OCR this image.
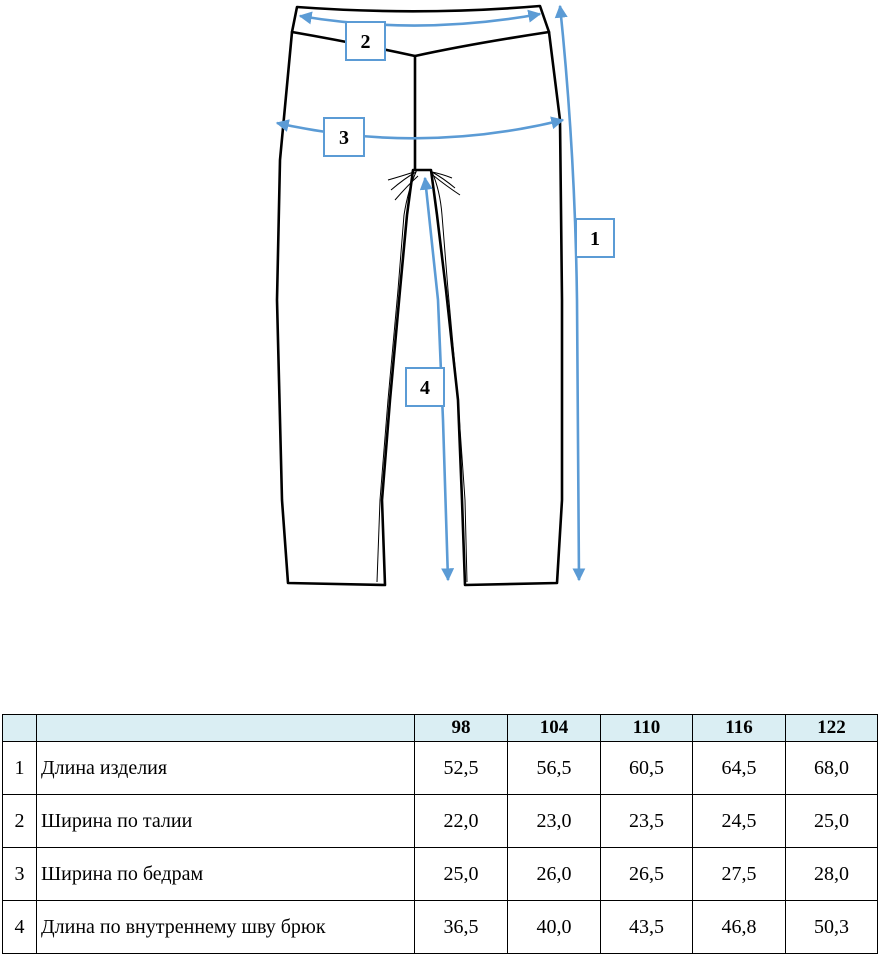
2
3
1
4
		98	104	110	116	122
1	Длина изделия	52,5	56,5	60,5	64,5	68,0
2	Ширина по талии	22,0	23,0	23,5	24,5	25,0
3	Ширина по бедрам	25,0	26,0	26,5	27,5	28,0
4	Длина по внутреннему шву брюк	36,5	40,0	43,5	46,8	50,3
